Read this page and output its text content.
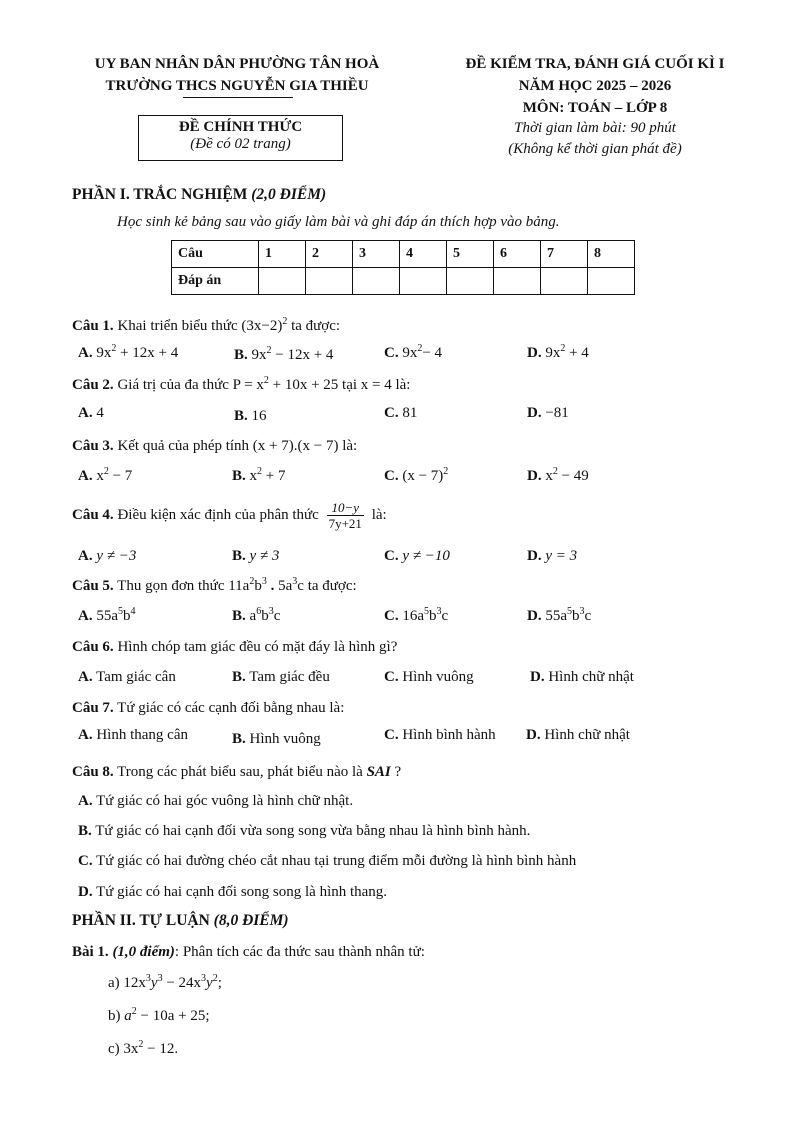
UY BAN NHÂN DÂN PHƯỜNG TÂN HOÀ
TRƯỜNG THCS NGUYỄN GIA THIỀU
ĐỀ KIỂM TRA, ĐÁNH GIÁ CUỐI KÌ I
NĂM HỌC 2025 – 2026
MÔN: TOÁN – LỚP 8
ĐỀ CHÍNH THỨC
(Đề có 02 trang)
Thời gian làm bài: 90 phút
(Không kể thời gian phát đề)
PHẦN I. TRẮC NGHIỆM (2,0 ĐIỂM)
Học sinh kẻ bảng sau vào giấy làm bài và ghi đáp án thích hợp vào bảng.
Câu	1	2	3	4	5	6	7	8
Đáp án								
Câu 1. Khai triển biểu thức $(3x-2)^2$ ta được:
A. $9x^2 + 12x + 4$	B. $9x^2 - 12x + 4$	C. $9x^2- 4$	D. $9x^2 + 4$
Câu 2. Giá trị của đa thức $P = x^2 + 10x + 25$ tại x = 4 là:
A. 4	B. 16	C. 81	D. −81
Câu 3. Kết quả của phép tính (x + 7).(x − 7) là:
A. $x^2 - 7$	B. $x^2 + 7$	C. $(x - 7)^2$	D. $x^2 - 49$
Câu 4. Điều kiện xác định của phân thức $\frac{10-y}{7y+21}$ là:
A. y ≠ −3	B. y ≠ 3	C. y ≠ −10	D. y = 3
Câu 5. Thu gọn đơn thức $11a^2b^3$ . $5a^3c$ ta được:
A. $55a^5b^4$	B. $a^6b^3c$	C. $16a^5b^3c$	D. $55a^5b^3c$
Câu 6. Hình chóp tam giác đều có mặt đáy là hình gì?
A. Tam giác cân	B. Tam giác đều	C. Hình vuông	D. Hình chữ nhật
Câu 7. Tứ giác có các cạnh đối bằng nhau là:
A. Hình thang cân	B. Hình vuông	C. Hình bình hành D. Hình chữ nhật
Câu 8. Trong các phát biểu sau, phát biểu nào là SAI ?
A. Tứ giác có hai góc vuông là hình chữ nhật.
B. Tứ giác có hai cạnh đối vừa song song vừa bằng nhau là hình bình hành.
C. Tứ giác có hai đường chéo cắt nhau tại trung điểm mỗi đường là hình bình hành
D. Tứ giác có hai cạnh đối song song là hình thang.
PHẦN II. TỰ LUẬN (8,0 ĐIỂM)
Bài 1. (1,0 điểm): Phân tích các đa thức sau thành nhân tử:
a) $12x^3y^3 - 24x^3y^2$;
b) $a^2 - 10a + 25$;
c) $3x^2 - 12$.
